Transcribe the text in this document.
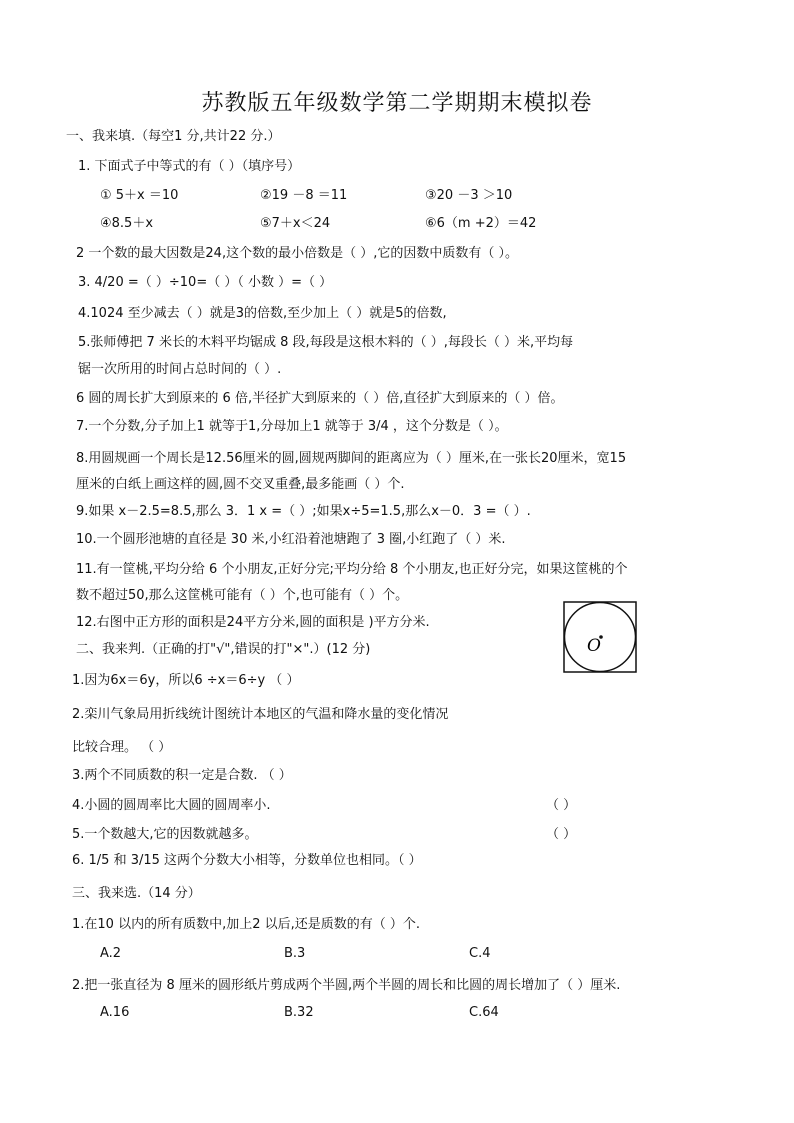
苏教版五年级数学第二学期期末模拟卷
一、我来填.（每空1 分,共计22 分.）
1. 下面式子中等式的有（ ）（填序号）
① 5＋x ＝10	②19 －8 ＝11	③20 －3 ＞10
④8.5＋x	⑤7＋x＜24	⑥6（m +2）＝42
2 一个数的最大因数是24,这个数的最小倍数是（ ）,它的因数中质数有（ ）。
3. 4/20 =（ ）÷10=（ ）（ 小数 ）=（ ）
4.1024 至少减去（ ）就是3的倍数,至少加上（ ）就是5的倍数,
5.张师傅把 7 米长的木料平均锯成 8 段,每段是这根木料的（ ）,每段长（ ）米,平均每
锯一次所用的时间占总时间的（ ）.
6 圆的周长扩大到原来的 6 倍,半径扩大到原来的（ ）倍,直径扩大到原来的（ ）倍。
7.一个分数,分子加上1 就等于1,分母加上1 就等于 3/4 ，这个分数是（ ）。
8.用圆规画一个周长是12.56厘米的圆,圆规两脚间的距离应为（ ）厘米,在一张长20厘米，宽15
厘米的白纸上画这样的圆,圆不交叉重叠,最多能画（ ）个.
9.如果 x－2.5=8.5,那么 3．1 x =（ ）;如果x÷5=1.5,那么x－0．3 =（ ）.
10.一个圆形池塘的直径是 30 米,小红沿着池塘跑了 3 圈,小红跑了（ ）米.
11.有一筐桃,平均分给 6 个小朋友,正好分完;平均分给 8 个小朋友,也正好分完，如果这筐桃的个
数不超过50,那么这筐桃可能有（ ）个,也可能有（ ）个。
12.右图中正方形的面积是24平方分米,圆的面积是 )平方分米.
O
二、我来判.（正确的打"√",错误的打"×".）(12 分)
1.因为6x＝6y，所以6 ÷x＝6÷y （ ）
2.栾川气象局用折线统计图统计本地区的气温和降水量的变化情况
比较合理。 （ ）
3.两个不同质数的积一定是合数. （ ）
4.小圆的圆周率比大圆的圆周率小.	（ ）
5.一个数越大,它的因数就越多。	（ ）
6. 1/5 和 3/15 这两个分数大小相等，分数单位也相同。（ ）
三、我来选.（14 分）
1.在10 以内的所有质数中,加上2 以后,还是质数的有（ ）个.
A.2	B.3	C.4
2.把一张直径为 8 厘米的圆形纸片剪成两个半圆,两个半圆的周长和比圆的周长增加了（ ）厘米.
A.16	B.32	C.64
